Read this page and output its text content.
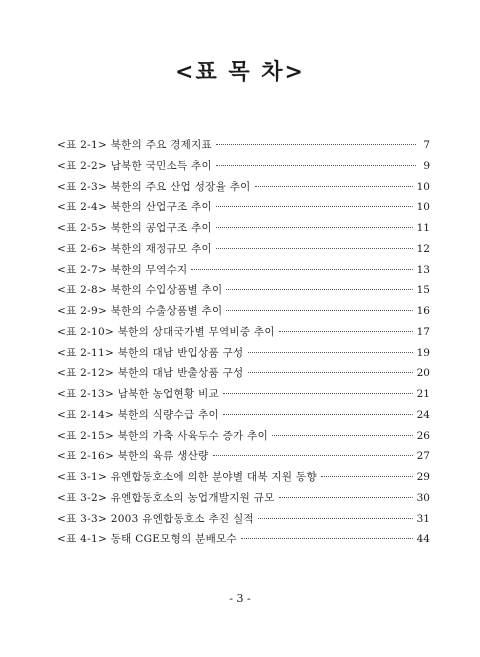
<표 목 차>
<표 2-1> 북한의 주요 경제지표	7
<표 2-2> 남북한 국민소득 추이	9
<표 2-3> 북한의 주요 산업 성장율 추이	10
<표 2-4> 북한의 산업구조 추이	10
<표 2-5> 북한의 공업구조 추이	11
<표 2-6> 북한의 재정규모 추이	12
<표 2-7> 북한의 무역수지	13
<표 2-8> 북한의 수입상품별 추이	15
<표 2-9> 북한의 수출상품별 추이	16
<표 2-10> 북한의 상대국가별 무역비중 추이	17
<표 2-11> 북한의 대남 반입상품 구성	19
<표 2-12> 북한의 대남 반출상품 구성	20
<표 2-13> 남북한 농업현황 비교	21
<표 2-14> 북한의 식량수급 추이	24
<표 2-15> 북한의 가축 사육두수 증가 추이	26
<표 2-16> 북한의 육류 생산량	27
<표 3-1> 유엔합동호소에 의한 분야별 대북 지원 동향	29
<표 3-2> 유엔합동호소의 농업개발지원 규모	30
<표 3-3> 2003 유엔합동호소 추진 실적	31
<표 4-1> 동태 CGE모형의 분배모수	44
- 3 -
